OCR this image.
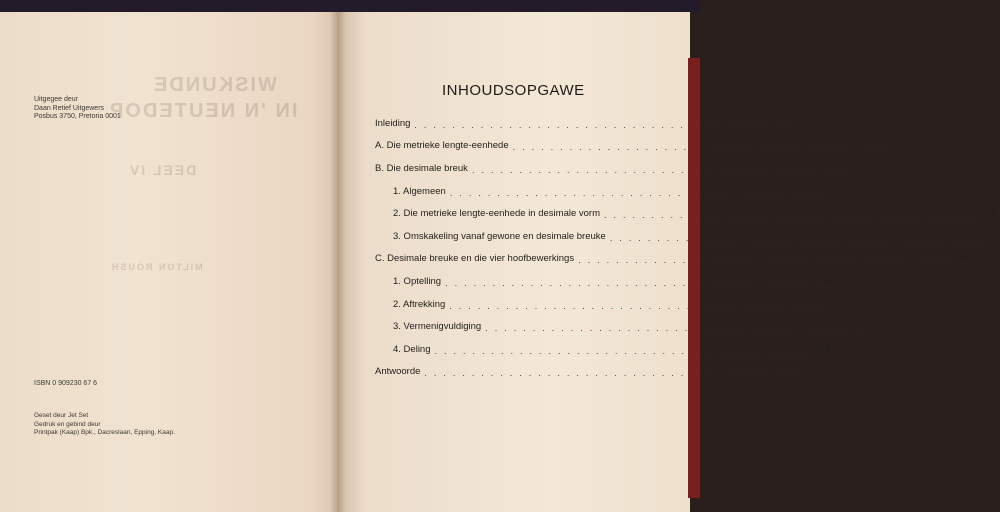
WISKUNDE
IN 'N NEUTEDOP
DEEL IV
MILTON ROUSH
Uitgegee deur
Daan Retief Uitgewers
Posbus 3750, Pretoria 0001
ISBN 0 909230 67 6
Geset deur Jet Set
Gedruk en gebind deur
Printpak (Kaap) Bpk., Dacreslaan, Epping, Kaap.
INHOUDSOPGAWE
Inleiding ........................................ vii
A. Die metrieke lengte-eenhede ........................................ 1
B. Die desimale breuk ........................................ 15
1. Algemeen ........................................ 15
2. Die metrieke lengte-eenhede in desimale vorm ........................................ 24
3. Omskakeling vanaf gewone en desimale breuke ........................................ 31
C. Desimale breuke en die vier hoofbewerkings ........................................ 38
1. Optelling ........................................ 38
2. Aftrekking ........................................ 41
3. Vermenigvuldiging ........................................ 43
4. Deling ........................................ ~48
Antwoorde ........................................ 51
